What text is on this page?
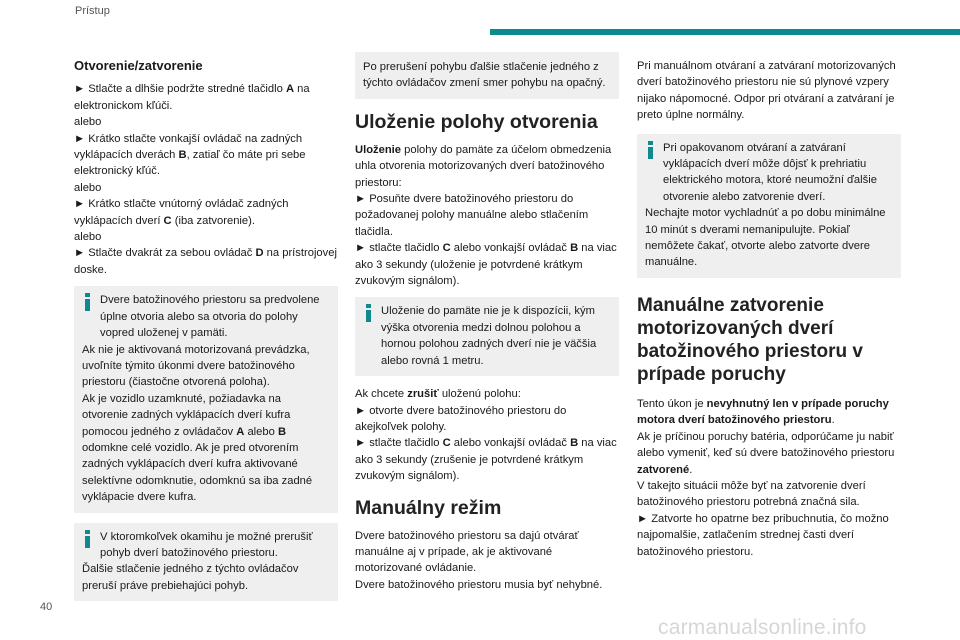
Prístup
Otvorenie/zatvorenie

► Stlačte a dlhšie podržte stredné tlačidlo A na elektronickom kľúči.

alebo

► Krátko stlačte vonkajší ovládač na zadných vyklápacích dverách B, zatiaľ čo máte pri sebe elektronický kľúč.

alebo

► Krátko stlačte vnútorný ovládač zadných vyklápacích dverí C (iba zatvorenie).

alebo

► Stlačte dvakrát za sebou ovládač D na prístrojovej doske.

Dvere batožinového priestoru sa predvolene úplne otvoria alebo sa otvoria do polohy vopred uloženej v pamäti.

Ak nie je aktivovaná motorizovaná prevádzka, uvoľníte týmito úkonmi dvere batožinového priestoru (čiastočne otvorená poloha).

Ak je vozidlo uzamknuté, požiadavka na otvorenie zadných vyklápacích dverí kufra pomocou jedného z ovládačov A alebo B odomkne celé vozidlo. Ak je pred otvorením zadných vyklápacích dverí kufra aktivované selektívne odomknutie, odomknú sa iba zadné vyklápacie dvere kufra.

V ktoromkoľvek okamihu je možné prerušiť pohyb dverí batožinového priestoru.

Ďalšie stlačenie jedného z týchto ovládačov preruší práve prebiehajúci pohyb.

Po prerušení pohybu ďalšie stlačenie jedného z týchto ovládačov zmení smer pohybu na opačný.

Uloženie polohy otvorenia

Uloženie polohy do pamäte za účelom obmedzenia uhla otvorenia motorizovaných dverí batožinového priestoru:

► Posuňte dvere batožinového priestoru do požadovanej polohy manuálne alebo stlačením tlačidla.

► stlačte tlačidlo C alebo vonkajší ovládač B na viac ako 3 sekundy (uloženie je potvrdené krátkym zvukovým signálom).

Uloženie do pamäte nie je k dispozícii, kým výška otvorenia medzi dolnou polohou a hornou polohou zadných dverí nie je väčšia alebo rovná 1 metru.

Ak chcete zrušiť uloženú polohu:

► otvorte dvere batožinového priestoru do akejkoľvek polohy.

► stlačte tlačidlo C alebo vonkajší ovládač B na viac ako 3 sekundy (zrušenie je potvrdené krátkym zvukovým signálom).

Manuálny režim

Dvere batožinového priestoru sa dajú otvárať manuálne aj v prípade, ak je aktivované motorizované ovládanie.

Dvere batožinového priestoru musia byť nehybné.

Pri manuálnom otváraní a zatváraní motorizovaných dverí batožinového priestoru nie sú plynové vzpery nijako nápomocné. Odpor pri otváraní a zatváraní je preto úplne normálny.

Pri opakovanom otváraní a zatváraní vyklápacích dverí môže dôjsť k prehriatiu elektrického motora, ktoré neumožní ďalšie otvorenie alebo zatvorenie dverí.

Nechajte motor vychladnúť a po dobu minimálne 10 minút s dverami nemanipulujte. Pokiaľ nemôžete čakať, otvorte alebo zatvorte dvere manuálne.

Manuálne zatvorenie motorizovaných dverí batožinového priestoru v prípade poruchy

Tento úkon je nevyhnutný len v prípade poruchy motora dverí batožinového priestoru.

Ak je príčinou poruchy batéria, odporúčame ju nabiť alebo vymeniť, keď sú dvere batožinového priestoru zatvorené.

V takejto situácii môže byť na zatvorenie dverí batožinového priestoru potrebná značná sila.

► Zatvorte ho opatrne bez pribuchnutia, čo možno najpomalšie, zatlačením strednej časti dverí batožinového priestoru.

40
carmanualsonline.info
